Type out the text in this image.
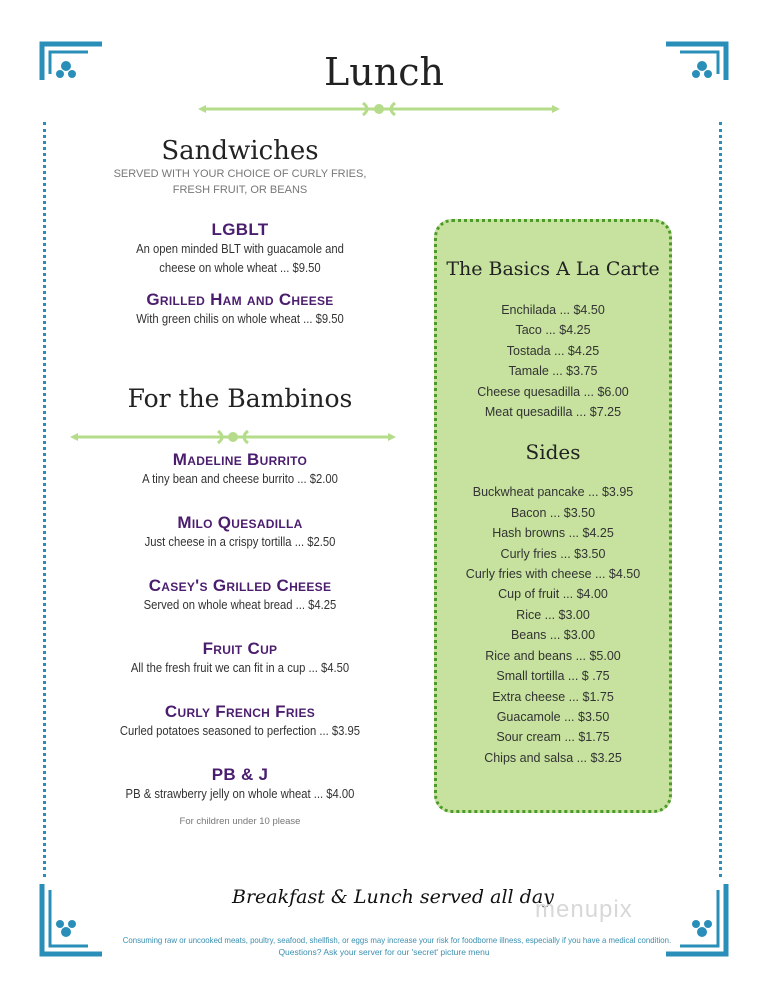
Lunch
Sandwiches
SERVED WITH YOUR CHOICE OF CURLY FRIES,
FRESH FRUIT, OR BEANS
LGBLT
An open minded BLT with guacamole and
cheese on whole wheat ... $9.50
Grilled Ham and Cheese
With green chilis on whole wheat ... $9.50
For the Bambinos
Madeline Burrito
A tiny bean and cheese burrito ... $2.00
Milo Quesadilla
Just cheese in a crispy tortilla ... $2.50
Casey's Grilled Cheese
Served on whole wheat bread ... $4.25
Fruit Cup
All the fresh fruit we can fit in a cup ... $4.50
Curly French Fries
Curled potatoes seasoned to perfection ... $3.95
PB & J
PB & strawberry jelly on whole wheat ... $4.00
For children under 10 please
The Basics A La Carte
Enchilada ... $4.50
Taco ... $4.25
Tostada ... $4.25
Tamale ... $3.75
Cheese quesadilla ... $6.00
Meat quesadilla ... $7.25
Sides
Buckwheat pancake ... $3.95
Bacon ... $3.50
Hash browns ... $4.25
Curly fries ... $3.50
Curly fries with cheese ... $4.50
Cup of fruit ... $4.00
Rice ... $3.00
Beans ... $3.00
Rice and beans ... $5.00
Small tortilla ... $ .75
Extra cheese ... $1.75
Guacamole ... $3.50
Sour cream ... $1.75
Chips and salsa ... $3.25
Breakfast & Lunch served all day
menupix
Consuming raw or uncooked meats, poultry, seafood, shellfish, or eggs may increase your risk for foodborne illness, especially if you have a medical condition.
Questions? Ask your server for our 'secret' picture menu
